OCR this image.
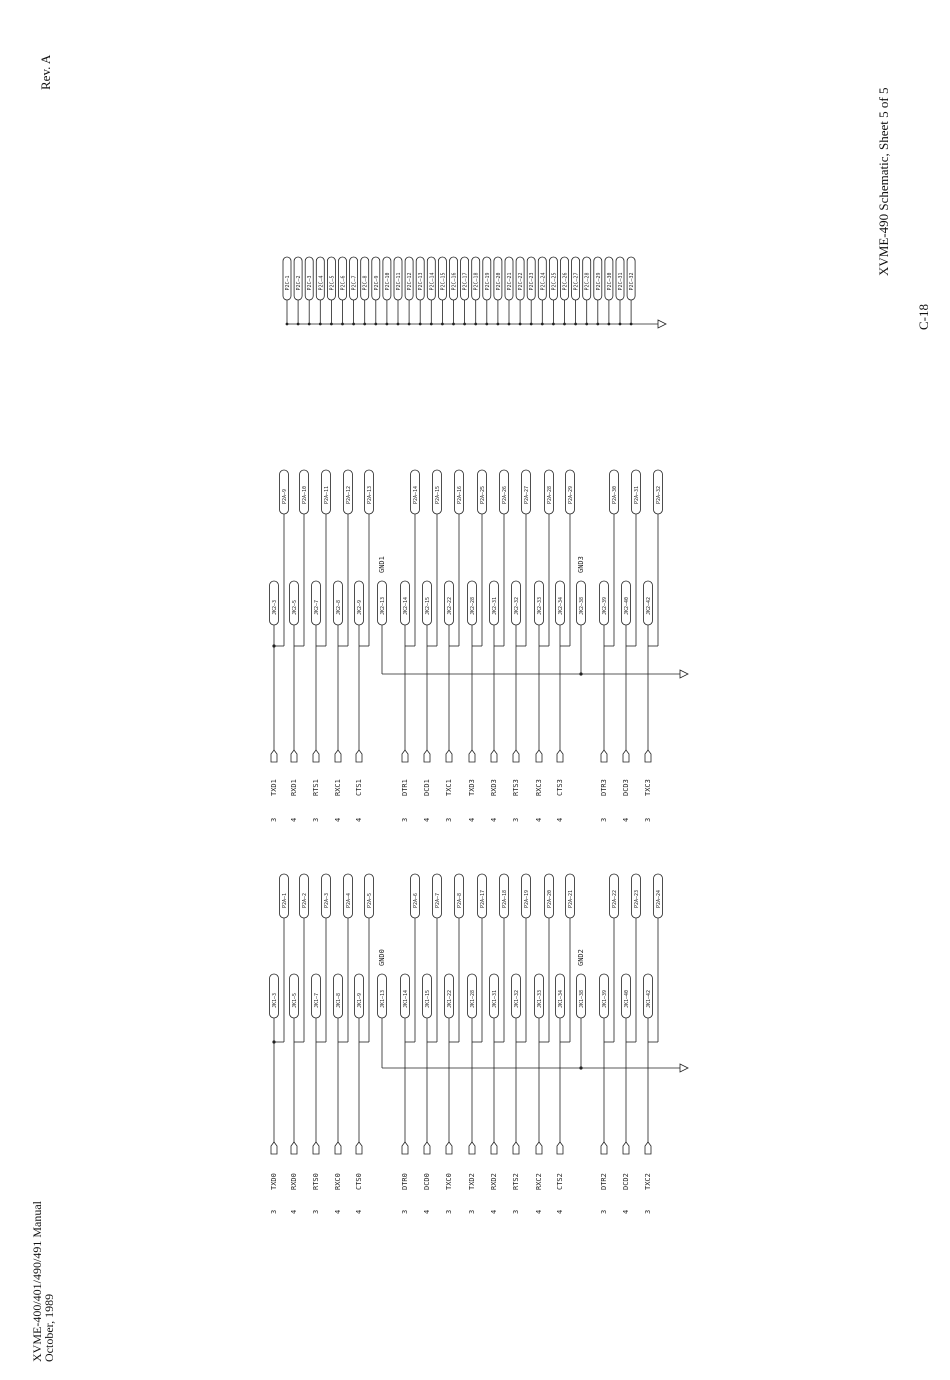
Rev. A
XVME-490 Schematic, Sheet 5 of 5
C-18
XVME-400/401/490/491 Manual
October, 1989
3
TXD0
JK1—3
P2A—1
4
RXD0
JK1—5
P2A—2
3
RTS0
JK1—7
P2A—3
4
RXC0
JK1—8
P2A—4
4
CTS0
JK1—9
P2A—5
3
DTR0
JK1—14
P2A—6
4
DCD0
JK1—15
P2A—7
3
TXC0
JK1—22
P2A—8
3
TXD2
JK1—28
P2A—17
4
RXD2
JK1—31
P2A—18
3
RTS2
JK1—32
P2A—19
4
RXC2
JK1—33
P2A—20
4
CTS2
JK1—34
P2A—21
3
DTR2
JK1—39
P2A—22
4
DCD2
JK1—40
P2A—23
3
TXC2
JK1—42
P2A—24
JK1—13
GND0
JK1—38
GND2
3
TXD1
JK2—3
P2A—9
4
RXD1
JK2—5
P2A—10
3
RTS1
JK2—7
P2A—11
4
RXC1
JK2—8
P2A—12
4
CTS1
JK2—9
P2A—13
3
DTR1
JK2—14
P2A—14
4
DCD1
JK2—15
P2A—15
3
TXC1
JK2—22
P2A—16
4
TXD3
JK2—28
P2A—25
4
RXD3
JK2—31
P2A—26
3
RTS3
JK2—32
P2A—27
4
RXC3
JK2—33
P2A—28
4
CTS3
JK2—34
P2A—29
3
DTR3
JK2—39
P2A—30
4
DCD3
JK2—40
P2A—31
3
TXC3
JK2—42
P2A—32
JK2—13
GND1
JK2—38
GND3
P2C—1 P2C—2 P2C—3 P2C—4 P2C—5 P2C—6 P2C—7 P2C—8 P2C—9 P2C—10 P2C—11 P2C—12 P2C—13 P2C—14 P2C—15 P2C—16 P2C—17 P2C—18 P2C—19 P2C—20 P2C—21 P2C—22 P2C—23 P2C—24 P2C—25 P2C—26 P2C—27 P2C—28 P2C—29 P2C—30 P2C—31 P2C—32
